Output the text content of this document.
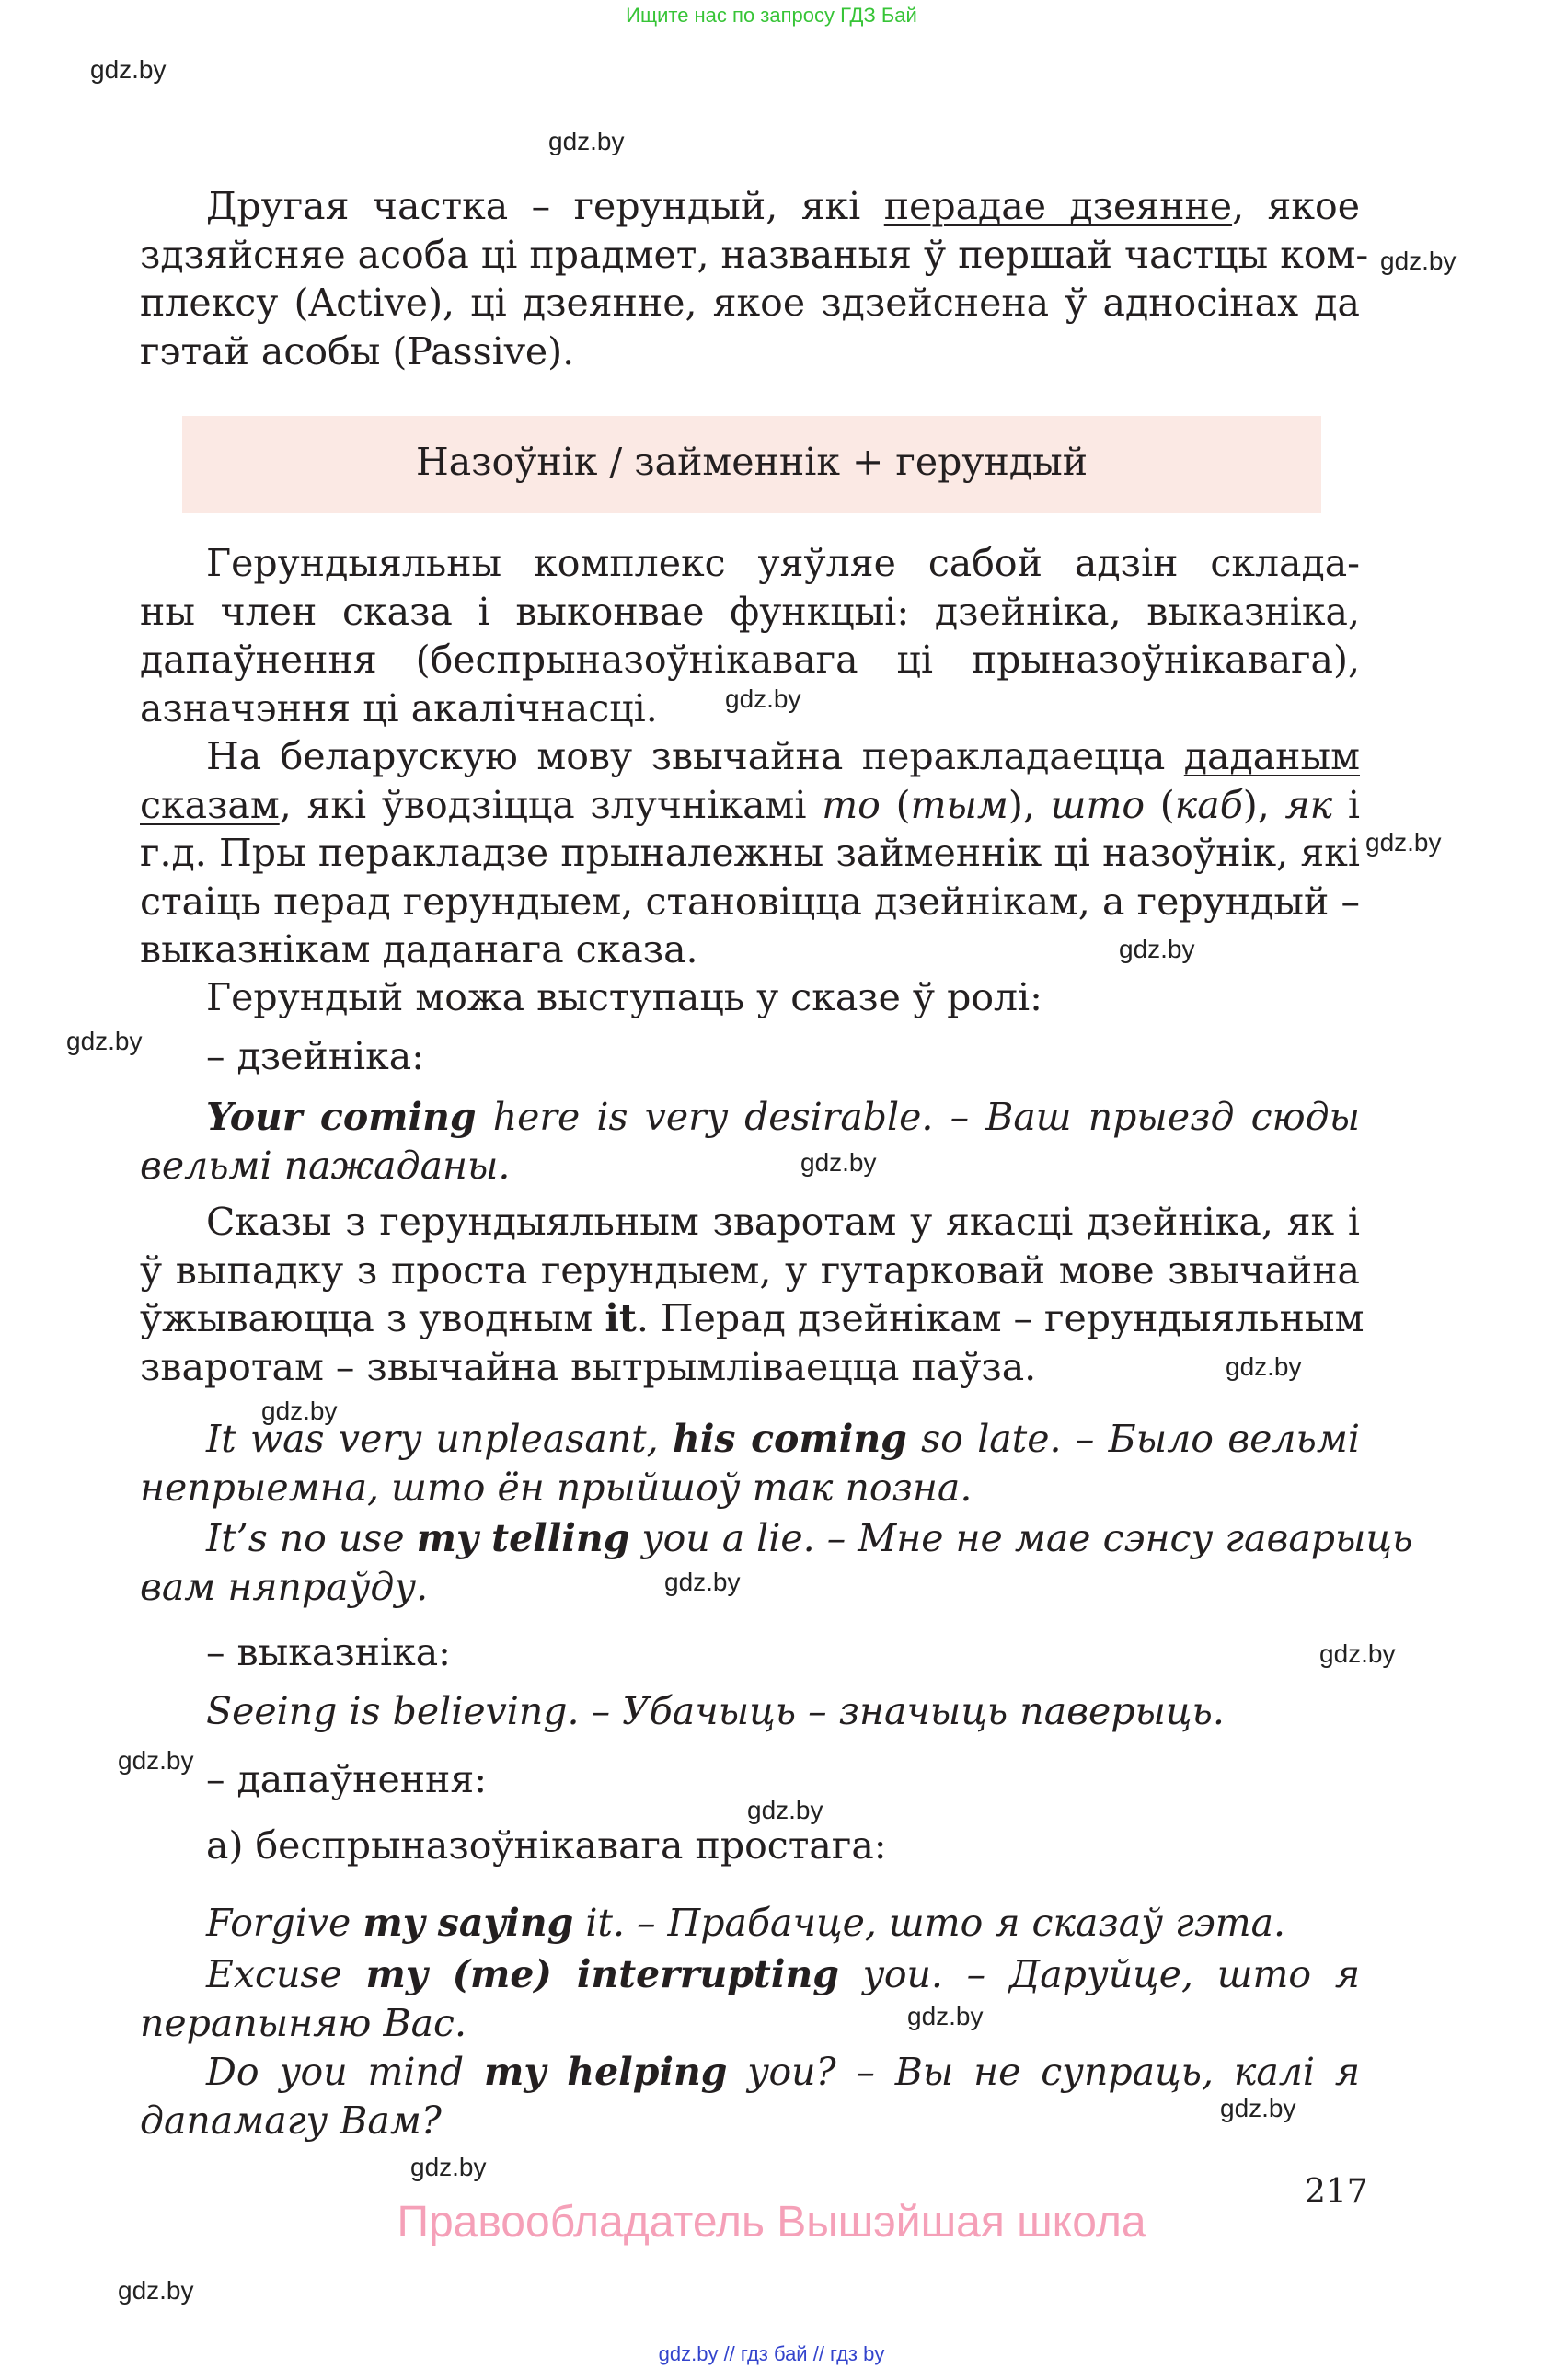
Ищите нас по запросу ГДЗ Бай
gdz.by
gdz.by
gdz.by
gdz.by
gdz.by
gdz.by
gdz.by
gdz.by
gdz.by
gdz.by
gdz.by
gdz.by
gdz.by
gdz.by
gdz.by
gdz.by
gdz.by
gdz.by
Другая частка – герундый, які перадае дзеянне, якое
здзяйсняе асоба ці прадмет, названыя ў першай частцы ком-
плексу (Active), ці дзеянне, якое здзейснена ў адносінах да
гэтай асобы (Passive).
Назоўнік / займеннік + герундый
Герундыяльны комплекс уяўляе сабой адзін складa-
ны член сказа і выконвае функцыі: дзейніка, выказніка,
дапаўнення (беспрыназоўнікавага ці прыназоўнікавага),
азначэння ці акалічнасці.
На беларускую мову звычайна перакладаецца даданым
сказам, які ўводзіцца злучнікамі то (тым), што (каб), як і
г.д. Пры перакладзе прыналежны займеннік ці назоўнік, які
стаіць перад герундыем, становіцца дзейнікам, а герундый –
выказнікам даданага сказа.
Герундый можа выступаць у сказе ў ролі:
– дзейніка:
Your coming here is very desirable. – Ваш прыезд сюды
вельмі пажаданы.
Сказы з герундыяльным зваротам у якасці дзейніка, як і
ў выпадку з проста герундыем, у гутарковай мове звычайна
ўжываюцца з уводным it. Перад дзейнікам – герундыяльным
зваротам – звычайна вытрымліваецца паўза.
It was very unpleasant, his coming so late. – Было вельмі
непрыемна, што ён прыйшоў так позна.
It’s no use my telling you a lie. – Мне не мае сэнсу гаварыць
вам няпраўду.
– выказніка:
Seeing is believing. – Убачыць – значыць паверыць.
– дапаўнення:
а) беспрыназоўнікавага простага:
Forgive my saying it. – Прабачце, што я сказаў гэта.
Excuse my (me) interrupting you. – Даруйце, што я
перапыняю Вас.
Do you mind my helping you? – Вы не супраць, калі я
дапамагу Вам?
217
Правообладатель Вышэйшая школа
gdz.by // гдз бай // гдз by
